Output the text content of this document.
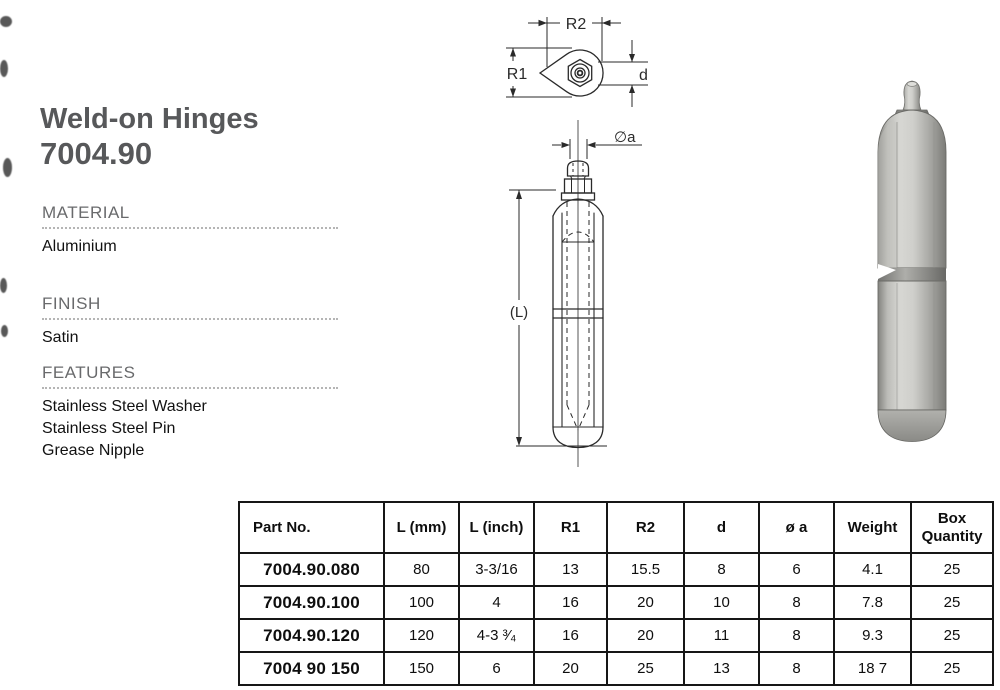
Weld-on Hinges
7004.90
MATERIAL
Aluminium
FINISH
Satin
FEATURES
Stainless Steel Washer
Stainless Steel Pin
Grease Nipple
R2
R1	d
(L)
∅a
Part No.	L (mm)	L (inch)	R1	R2	d	ø a	Weight	Box Quantity
7004.90.080	80	3-3/16	13	15.5	8	6	4.1	25
7004.90.100	100	4	16	20	10	8	7.8	25
7004.90.120	120	4-3 ³⁄₄	16	20	11	8	9.3	25
7004 90 150	150	6	20	25	13	8	18 7	25
